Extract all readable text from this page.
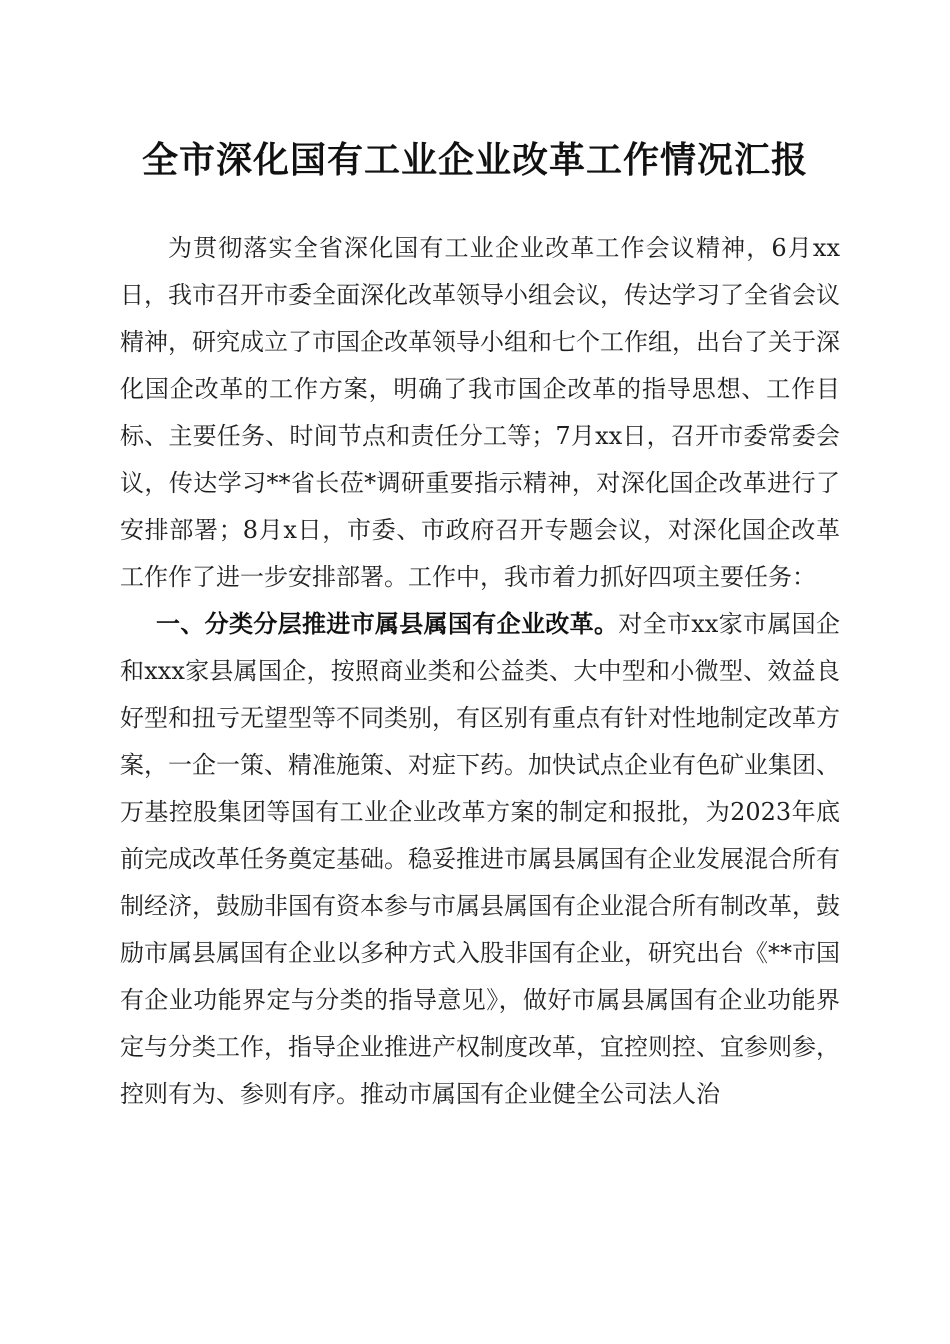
全市深化国有工业企业改革工作情况汇报

为贯彻落实全省深化国有工业企业改革工作会议精神，6月xx日，我市召开市委全面深化改革领导小组会议，传达学习了全省会议精神，研究成立了市国企改革领导小组和七个工作组，出台了关于深化国企改革的工作方案，明确了我市国企改革的指导思想、工作目标、主要任务、时间节点和责任分工等；7月xx日，召开市委常委会议，传达学习**省长莅*调研重要指示精神，对深化国企改革进行了安排部署；8月x日，市委、市政府召开专题会议，对深化国企改革工作作了进一步安排部署。工作中，我市着力抓好四项主要任务：

一、分类分层推进市属县属国有企业改革。对全市xx家市属国企和xxx家县属国企，按照商业类和公益类、大中型和小微型、效益良好型和扭亏无望型等不同类别，有区别有重点有针对性地制定改革方案，一企一策、精准施策、对症下药。加快试点企业有色矿业集团、万基控股集团等国有工业企业改革方案的制定和报批，为2023年底前完成改革任务奠定基础。稳妥推进市属县属国有企业发展混合所有制经济，鼓励非国有资本参与市属县属国有企业混合所有制改革，鼓励市属县属国有企业以多种方式入股非国有企业，研究出台《**市国有企业功能界定与分类的指导意见》，做好市属县属国有企业功能界定与分类工作，指导企业推进产权制度改革，宜控则控、宜参则参，控则有为、参则有序。推动市属国有企业健全公司法人治
